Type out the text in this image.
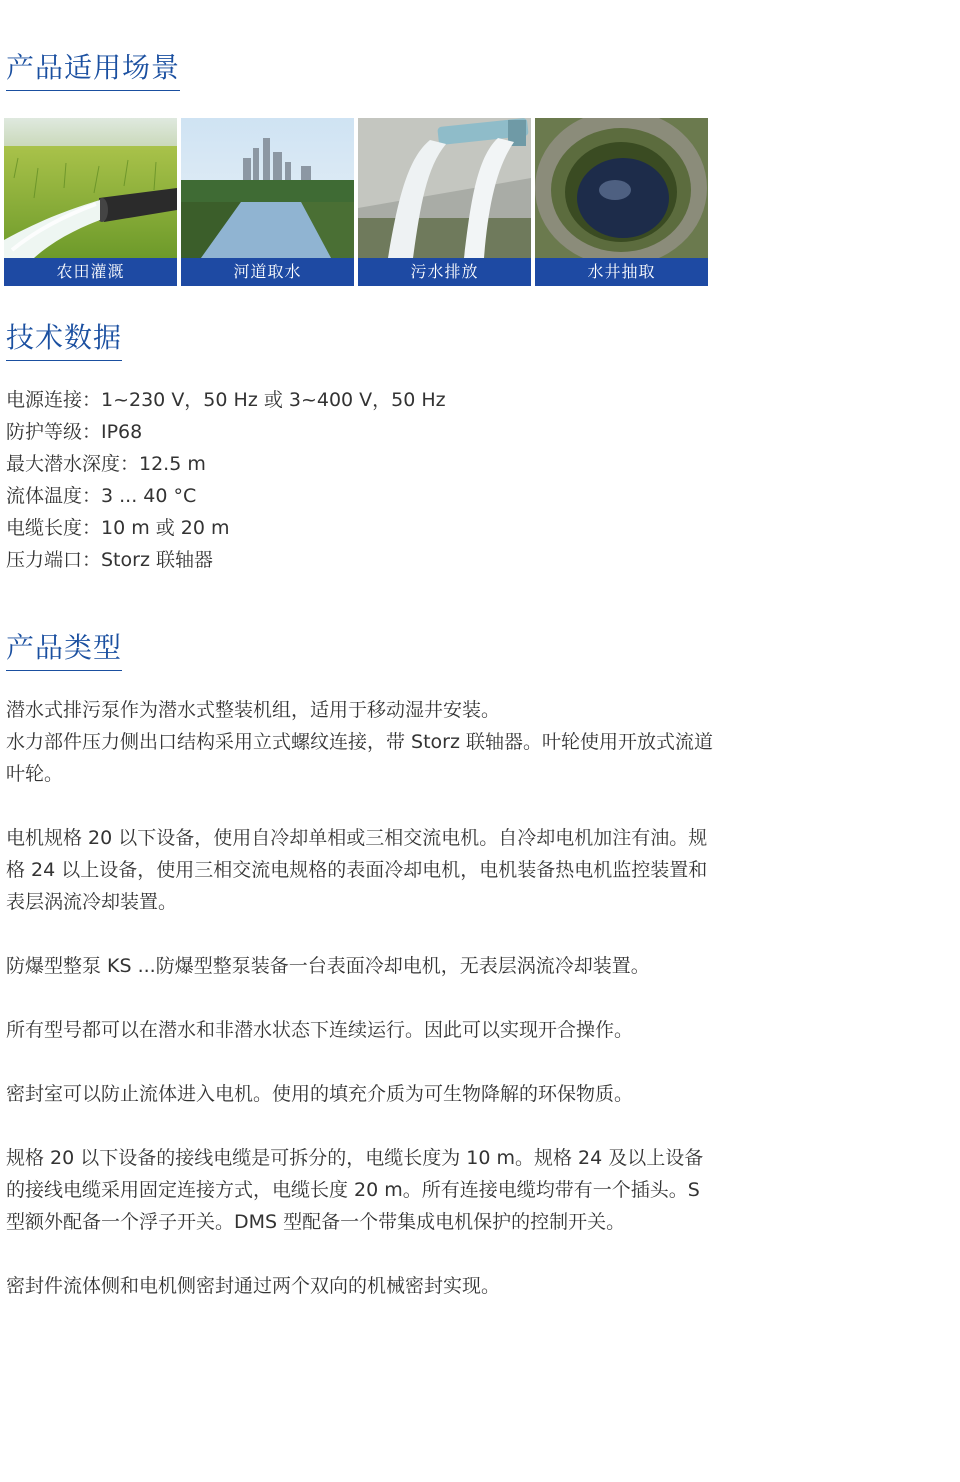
产品适用场景
农田灌溉	河道取水	污水排放	水井抽取
技术数据
电源连接：1~230 V，50 Hz 或 3~400 V，50 Hz
防护等级：IP68
最大潜水深度：12.5 m
流体温度：3 ... 40 °C
电缆长度：10 m 或 20 m
压力端口：Storz 联轴器
产品类型

潜水式排污泵作为潜水式整装机组，适用于移动湿井安装。
水力部件压力侧出口结构采用立式螺纹连接，带 Storz 联轴器。叶轮使用开放式流道叶轮。

电机规格 20 以下设备，使用自冷却单相或三相交流电机。自冷却电机加注有油。规格 24 以上设备，使用三相交流电规格的表面冷却电机，电机装备热电机监控装置和表层涡流冷却装置。

防爆型整泵 KS ...防爆型整泵装备一台表面冷却电机，无表层涡流冷却装置。

所有型号都可以在潜水和非潜水状态下连续运行。因此可以实现开合操作。

密封室可以防止流体进入电机。使用的填充介质为可生物降解的环保物质。

规格 20 以下设备的接线电缆是可拆分的，电缆长度为 10 m。规格 24 及以上设备的接线电缆采用固定连接方式，电缆长度 20 m。所有连接电缆均带有一个插头。S 型额外配备一个浮子开关。DMS 型配备一个带集成电机保护的控制开关。

密封件流体侧和电机侧密封通过两个双向的机械密封实现。
